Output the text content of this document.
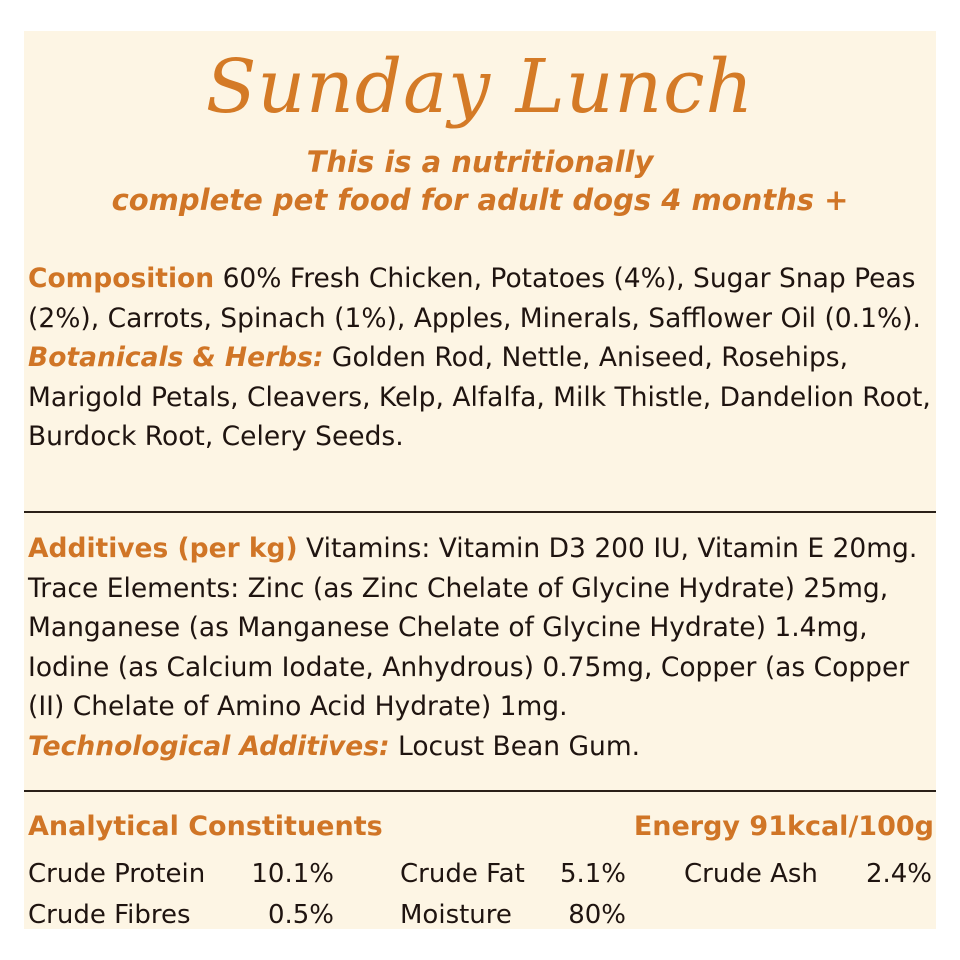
Sunday Lunch
This is a nutritionally
complete pet food for adult dogs 4 months +
Composition 60% Fresh Chicken, Potatoes (4%), Sugar Snap Peas (2%), Carrots, Spinach (1%), Apples, Minerals, Safflower Oil (0.1%).
Botanicals & Herbs: Golden Rod, Nettle, Aniseed, Rosehips, Marigold Petals, Cleavers, Kelp, Alfalfa, Milk Thistle, Dandelion Root, Burdock Root, Celery Seeds.
Additives (per kg) Vitamins: Vitamin D3 200 IU, Vitamin E 20mg. Trace Elements: Zinc (as Zinc Chelate of Glycine Hydrate) 25mg, Manganese (as Manganese Chelate of Glycine Hydrate) 1.4mg, Iodine (as Calcium Iodate, Anhydrous) 0.75mg, Copper (as Copper (II) Chelate of Amino Acid Hydrate) 1mg.
Technological Additives: Locust Bean Gum.
Analytical Constituents	Energy 91kcal/100g
Crude Protein	10.1%	Crude Fat	5.1% Crude Ash	2.4%
Crude Fibres	0.5%	Moisture	80%
